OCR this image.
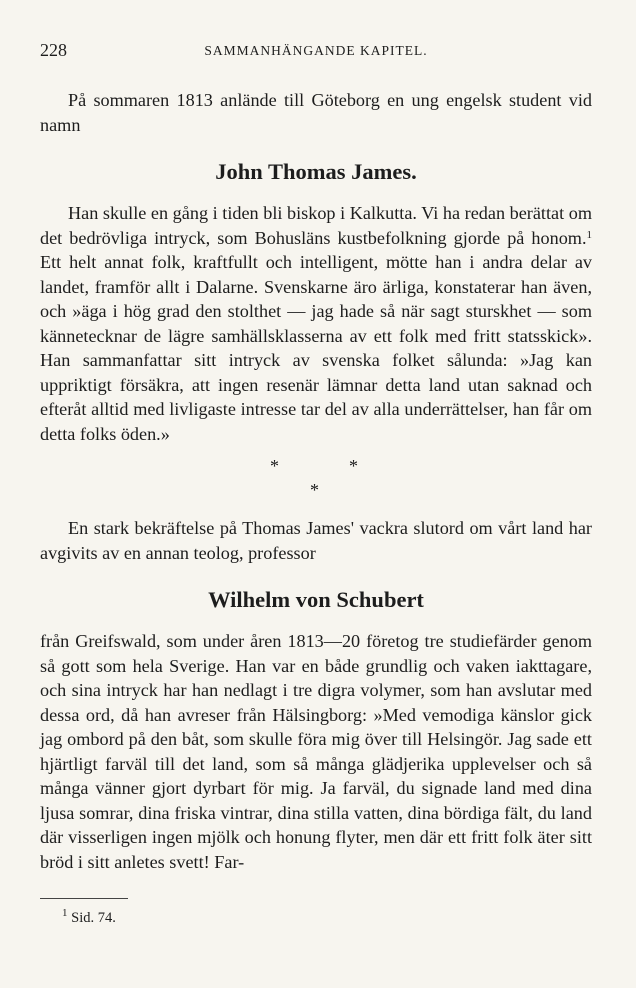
228	SAMMANHÄNGANDE KAPITEL.

På sommaren 1813 anlände till Göteborg en ung engelsk student vid namn

John Thomas James.

Han skulle en gång i tiden bli biskop i Kalkutta. Vi ha redan berättat om det bedrövliga intryck, som Bohusläns kustbefolkning gjorde på honom.$^1$ Ett helt annat folk, kraftfullt och intelligent, mötte han i andra delar av landet, framför allt i Dalarne. Svenskarne äro ärliga, konstaterar han även, och »äga i hög grad den stolthet — jag hade så när sagt sturskhet — som kännetecknar de lägre samhällsklasserna av ett folk med fritt statsskick». Han sammanfattar sitt intryck av svenska folket sålunda: »Jag kan uppriktigt försäkra, att ingen resenär lämnar detta land utan saknad och efteråt alltid med livligaste intresse tar del av alla underrättelser, han får om detta folks öden.»

*	*
*

En stark bekräftelse på Thomas James' vackra slutord om vårt land har avgivits av en annan teolog, professor

Wilhelm von Schubert

från Greifswald, som under åren 1813—20 företog tre studiefärder genom så gott som hela Sverige. Han var en både grundlig och vaken iakttagare, och sina intryck har han nedlagt i tre digra volymer, som han avslutar med dessa ord, då han avreser från Hälsingborg: »Med vemodiga känslor gick jag ombord på den båt, som skulle föra mig över till Helsingör. Jag sade ett hjärtligt farväl till det land, som så många glädjerika upplevelser och så många vänner gjort dyrbart för mig. Ja farväl, du signade land med dina ljusa somrar, dina friska vintrar, dina stilla vatten, dina bördiga fält, du land där visserligen ingen mjölk och honung flyter, men där ett fritt folk äter sitt bröd i sitt anletes svett! Far-

$^1$ Sid. 74.
